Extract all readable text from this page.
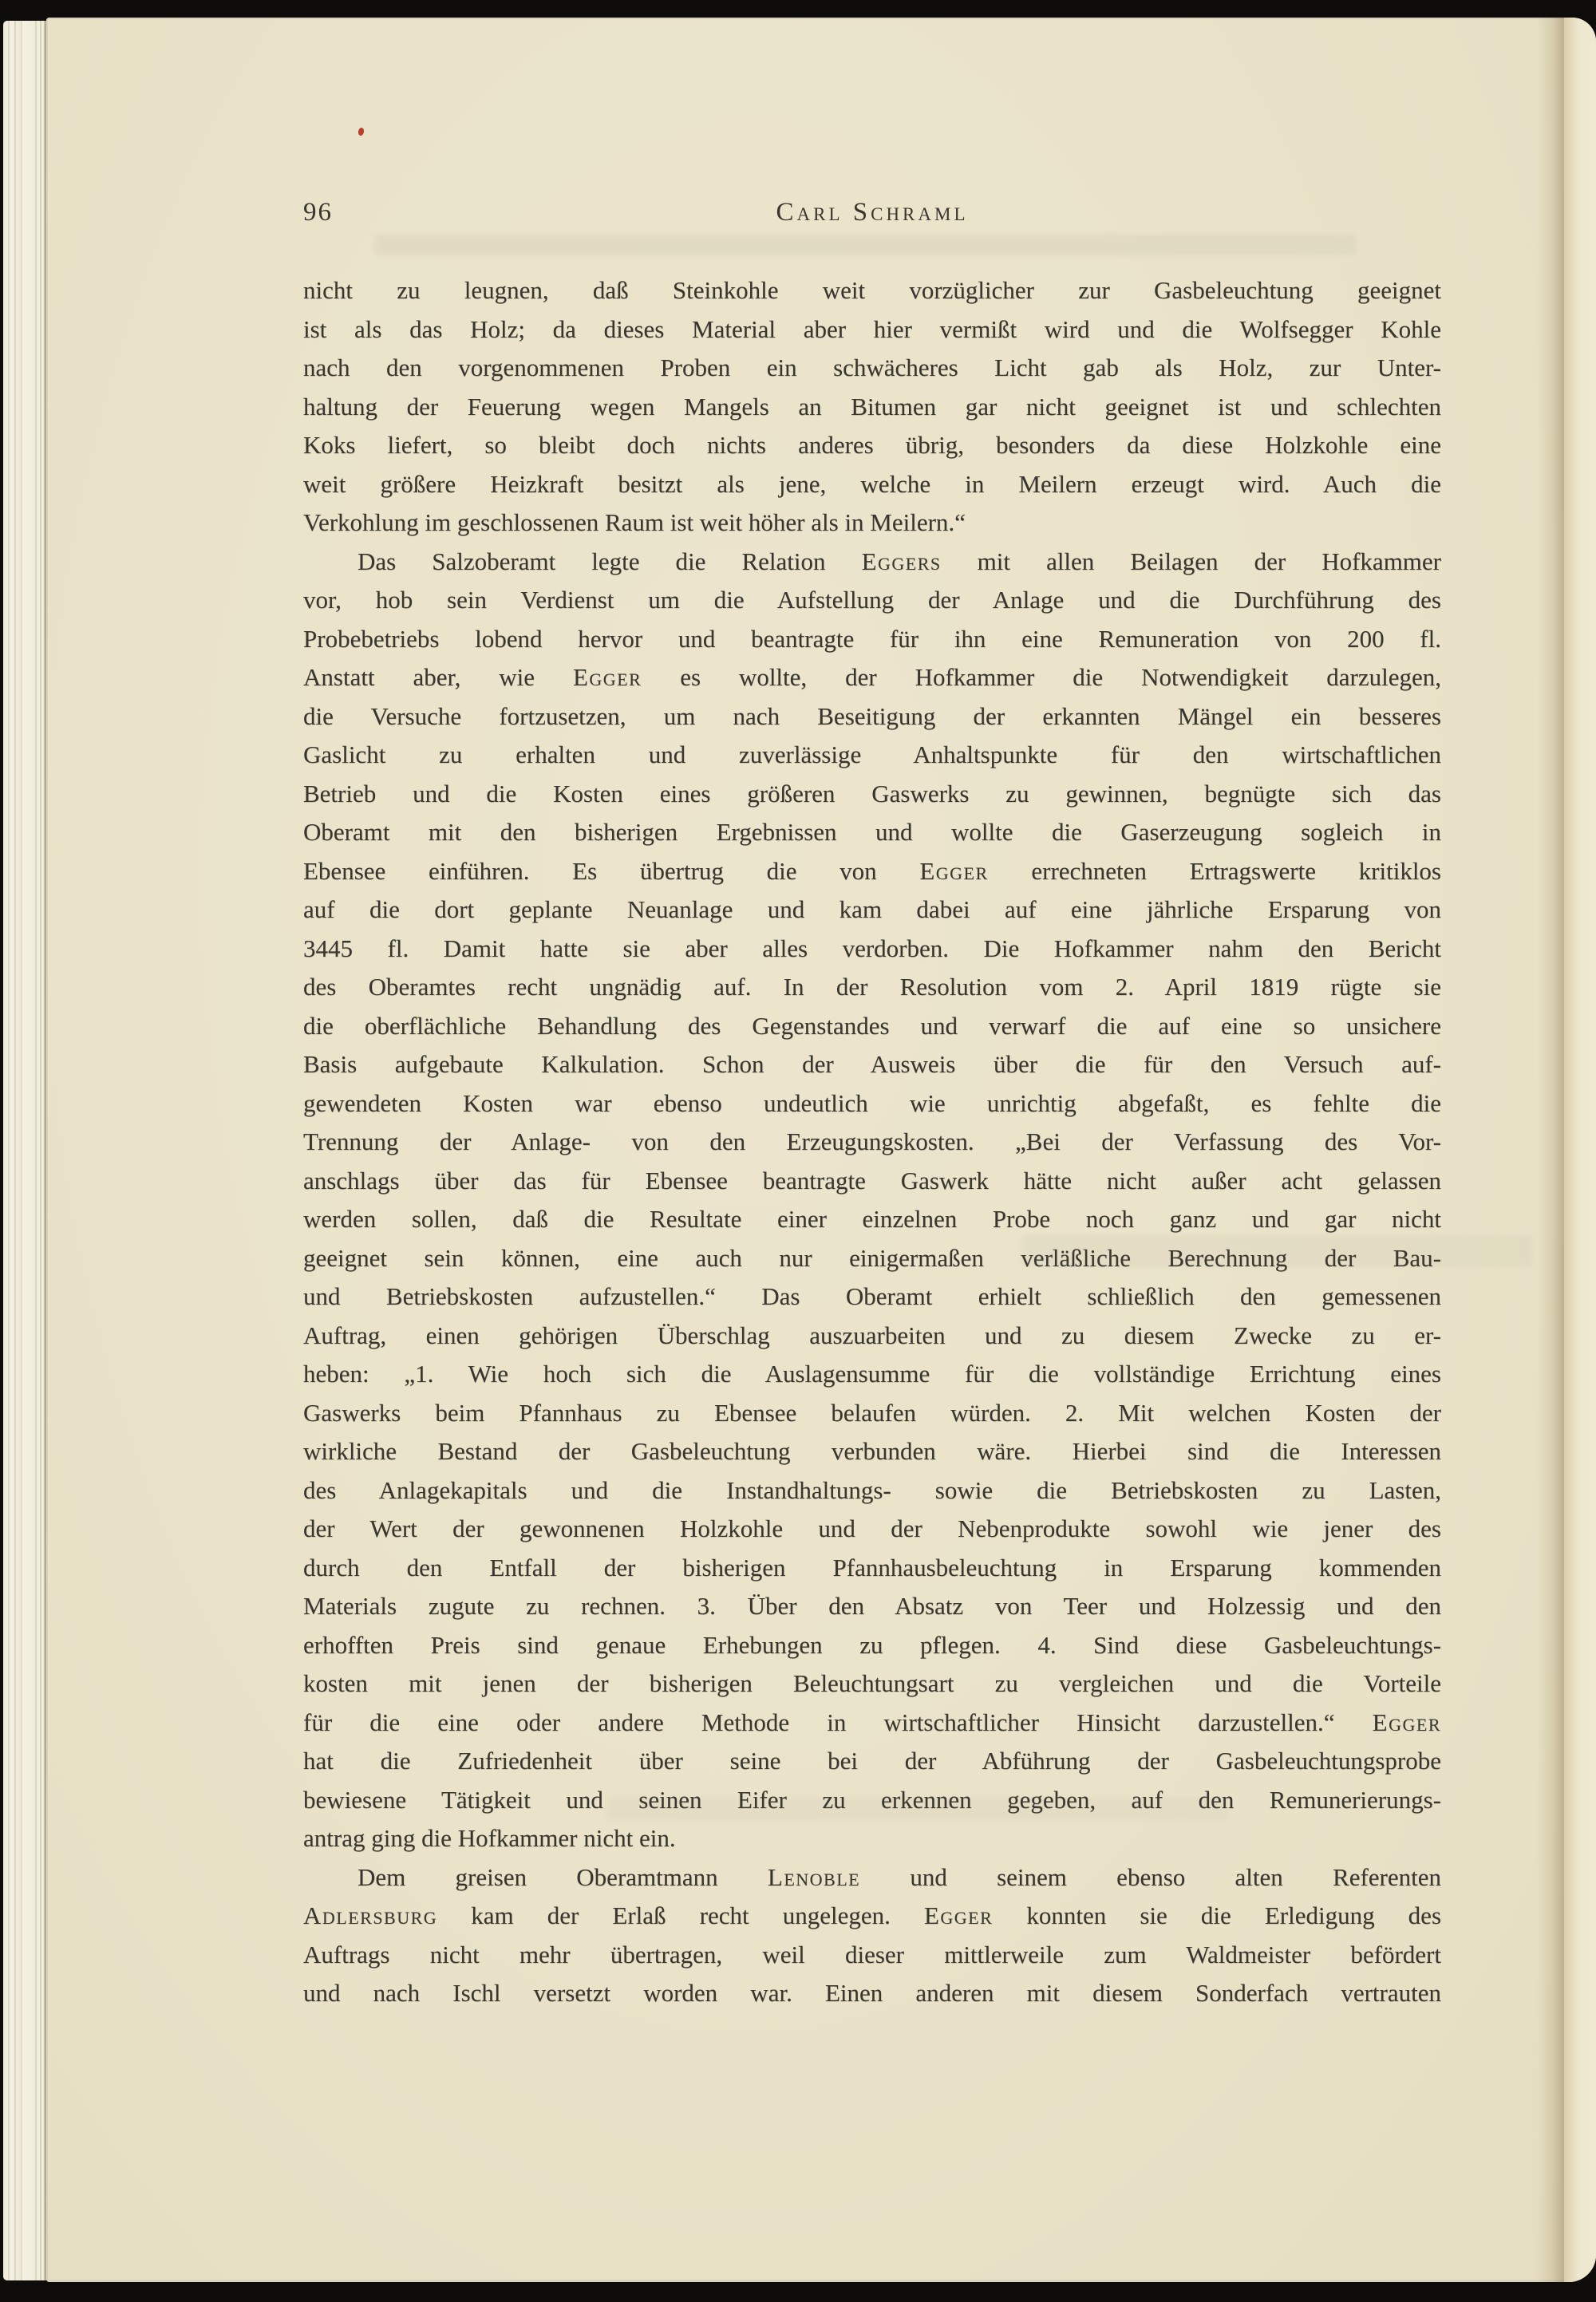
96	Carl Schraml
nicht zu leugnen, daß Steinkohle weit vorzüglicher zur Gasbeleuchtung geeignet
ist als das Holz; da dieses Material aber hier vermißt wird und die Wolfsegger Kohle
nach den vorgenommenen Proben ein schwächeres Licht gab als Holz, zur Unter-
haltung der Feuerung wegen Mangels an Bitumen gar nicht geeignet ist und schlechten
Koks liefert, so bleibt doch nichts anderes übrig, besonders da diese Holzkohle eine
weit größere Heizkraft besitzt als jene, welche in Meilern erzeugt wird. Auch die
Verkohlung im geschlossenen Raum ist weit höher als in Meilern.“
Das Salzoberamt legte die Relation Eggers mit allen Beilagen der Hofkammer
vor, hob sein Verdienst um die Aufstellung der Anlage und die Durchführung des
Probebetriebs lobend hervor und beantragte für ihn eine Remuneration von 200 fl.
Anstatt aber, wie Egger es wollte, der Hofkammer die Notwendigkeit darzulegen,
die Versuche fortzusetzen, um nach Beseitigung der erkannten Mängel ein besseres
Gaslicht zu erhalten und zuverlässige Anhaltspunkte für den wirtschaftlichen
Betrieb und die Kosten eines größeren Gaswerks zu gewinnen, begnügte sich das
Oberamt mit den bisherigen Ergebnissen und wollte die Gaserzeugung sogleich in
Ebensee einführen. Es übertrug die von Egger errechneten Ertragswerte kritiklos
auf die dort geplante Neuanlage und kam dabei auf eine jährliche Ersparung von
3445 fl. Damit hatte sie aber alles verdorben. Die Hofkammer nahm den Bericht
des Oberamtes recht ungnädig auf. In der Resolution vom 2. April 1819 rügte sie
die oberflächliche Behandlung des Gegenstandes und verwarf die auf eine so unsichere
Basis aufgebaute Kalkulation. Schon der Ausweis über die für den Versuch auf-
gewendeten Kosten war ebenso undeutlich wie unrichtig abgefaßt, es fehlte die
Trennung der Anlage- von den Erzeugungskosten. „Bei der Verfassung des Vor-
anschlags über das für Ebensee beantragte Gaswerk hätte nicht außer acht gelassen
werden sollen, daß die Resultate einer einzelnen Probe noch ganz und gar nicht
geeignet sein können, eine auch nur einigermaßen verläßliche Berechnung der Bau-
und Betriebskosten aufzustellen.“ Das Oberamt erhielt schließlich den gemessenen
Auftrag, einen gehörigen Überschlag auszuarbeiten und zu diesem Zwecke zu er-
heben: „1. Wie hoch sich die Auslagensumme für die vollständige Errichtung eines
Gaswerks beim Pfannhaus zu Ebensee belaufen würden. 2. Mit welchen Kosten der
wirkliche Bestand der Gasbeleuchtung verbunden wäre. Hierbei sind die Interessen
des Anlagekapitals und die Instandhaltungs- sowie die Betriebskosten zu Lasten,
der Wert der gewonnenen Holzkohle und der Nebenprodukte sowohl wie jener des
durch den Entfall der bisherigen Pfannhausbeleuchtung in Ersparung kommenden
Materials zugute zu rechnen. 3. Über den Absatz von Teer und Holzessig und den
erhofften Preis sind genaue Erhebungen zu pflegen. 4. Sind diese Gasbeleuchtungs-
kosten mit jenen der bisherigen Beleuchtungsart zu vergleichen und die Vorteile
für die eine oder andere Methode in wirtschaftlicher Hinsicht darzustellen.“ Egger
hat die Zufriedenheit über seine bei der Abführung der Gasbeleuchtungsprobe
bewiesene Tätigkeit und seinen Eifer zu erkennen gegeben, auf den Remunerierungs-
antrag ging die Hofkammer nicht ein.
Dem greisen Oberamtmann Lenoble und seinem ebenso alten Referenten
Adlersburg kam der Erlaß recht ungelegen. Egger konnten sie die Erledigung des
Auftrags nicht mehr übertragen, weil dieser mittlerweile zum Waldmeister befördert
und nach Ischl versetzt worden war. Einen anderen mit diesem Sonderfach vertrauten
